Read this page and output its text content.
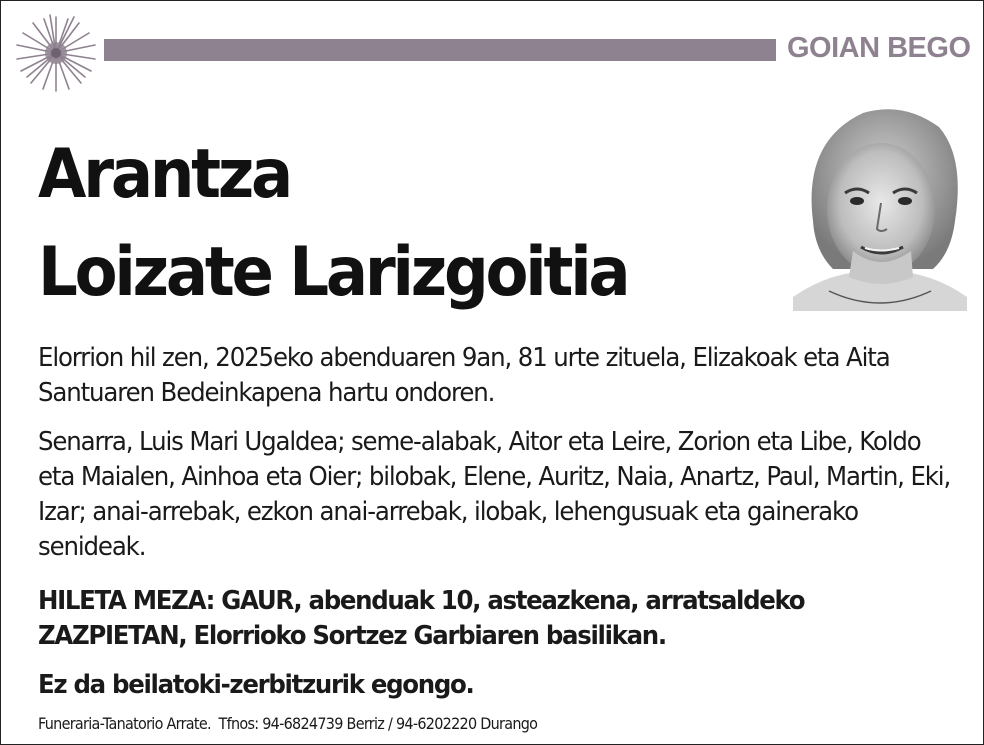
GOIAN BEGO
Arantza
Loizate Larizgoitia
Elorrion hil zen, 2025eko abenduaren 9an, 81 urte zituela, Elizakoak eta Aita Santuaren Bedeinkapena hartu ondoren.
Senarra, Luis Mari Ugaldea; seme-alabak, Aitor eta Leire, Zorion eta Libe, Koldo eta Maialen, Ainhoa eta Oier; bilobak, Elene, Auritz, Naia, Anartz, Paul, Martin, Eki, Izar; anai-arrebak, ezkon anai-arrebak, ilobak, lehengusuak eta gainerako senideak.
HILETA MEZA: GAUR, abenduak 10, asteazkena, arratsaldeko ZAZPIETAN, Elorrioko Sortzez Garbiaren basilikan.
Ez da beilatoki-zerbitzurik egongo.
Funeraria-Tanatorio Arrate.  Tfnos: 94-6824739 Berriz / 94-6202220 Durango
